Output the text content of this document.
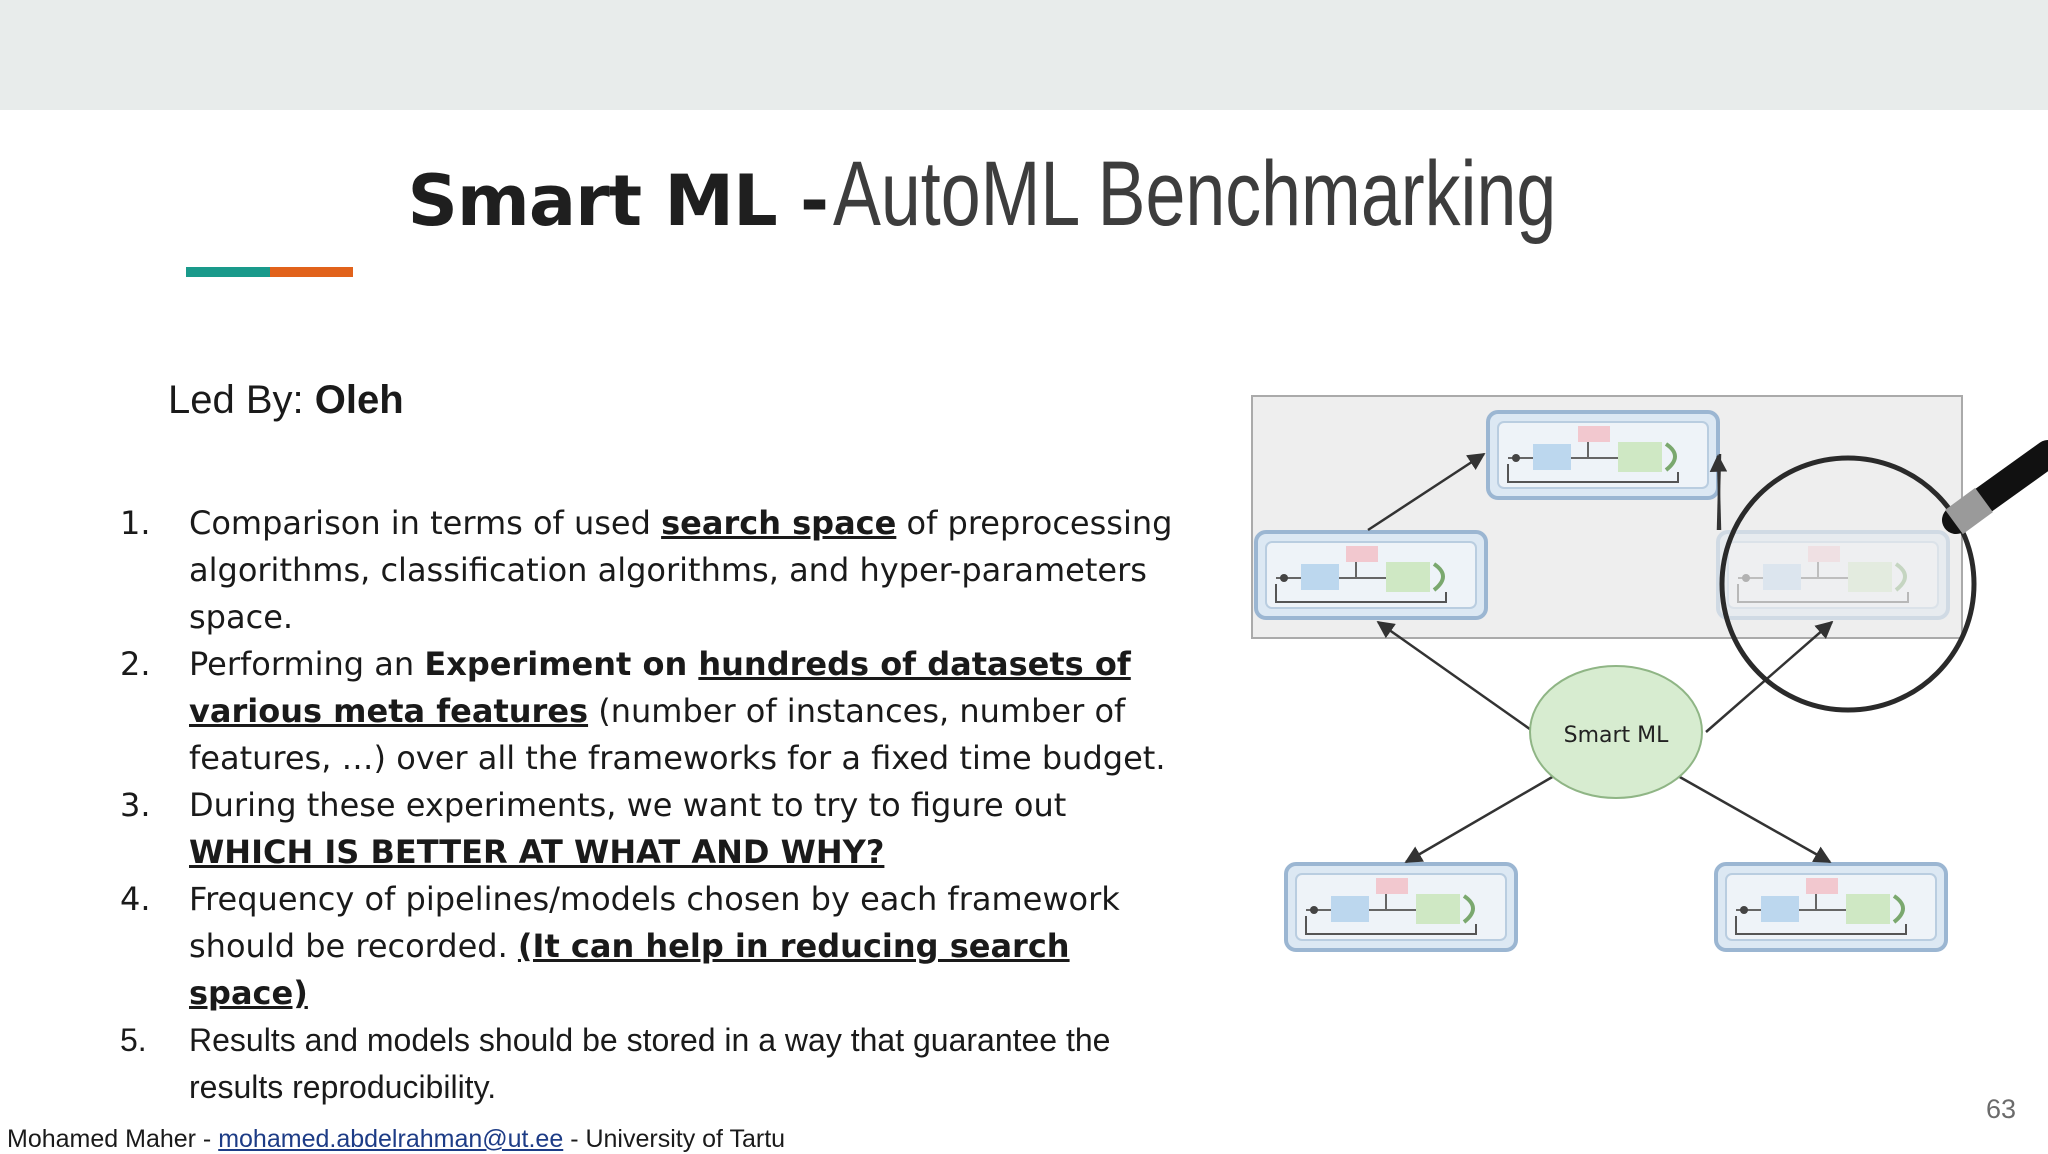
Smart ML - AutoML Benchmarking
Led By: Oleh
1. Comparison in terms of used search space of preprocessing algorithms, classification algorithms, and hyper-parameters space.
2. Performing an Experiment on hundreds of datasets of various meta features (number of instances, number of features, …) over all the frameworks for a fixed time budget.
3. During these experiments, we want to try to figure out WHICH IS BETTER AT WHAT AND WHY?
4. Frequency of pipelines/models chosen by each framework should be recorded. (It can help in reducing search space)
5. Results and models should be stored in a way that guarantee the results reproducibility.
Smart ML
63
Mohamed Maher - mohamed.abdelrahman@ut.ee - University of Tartu
